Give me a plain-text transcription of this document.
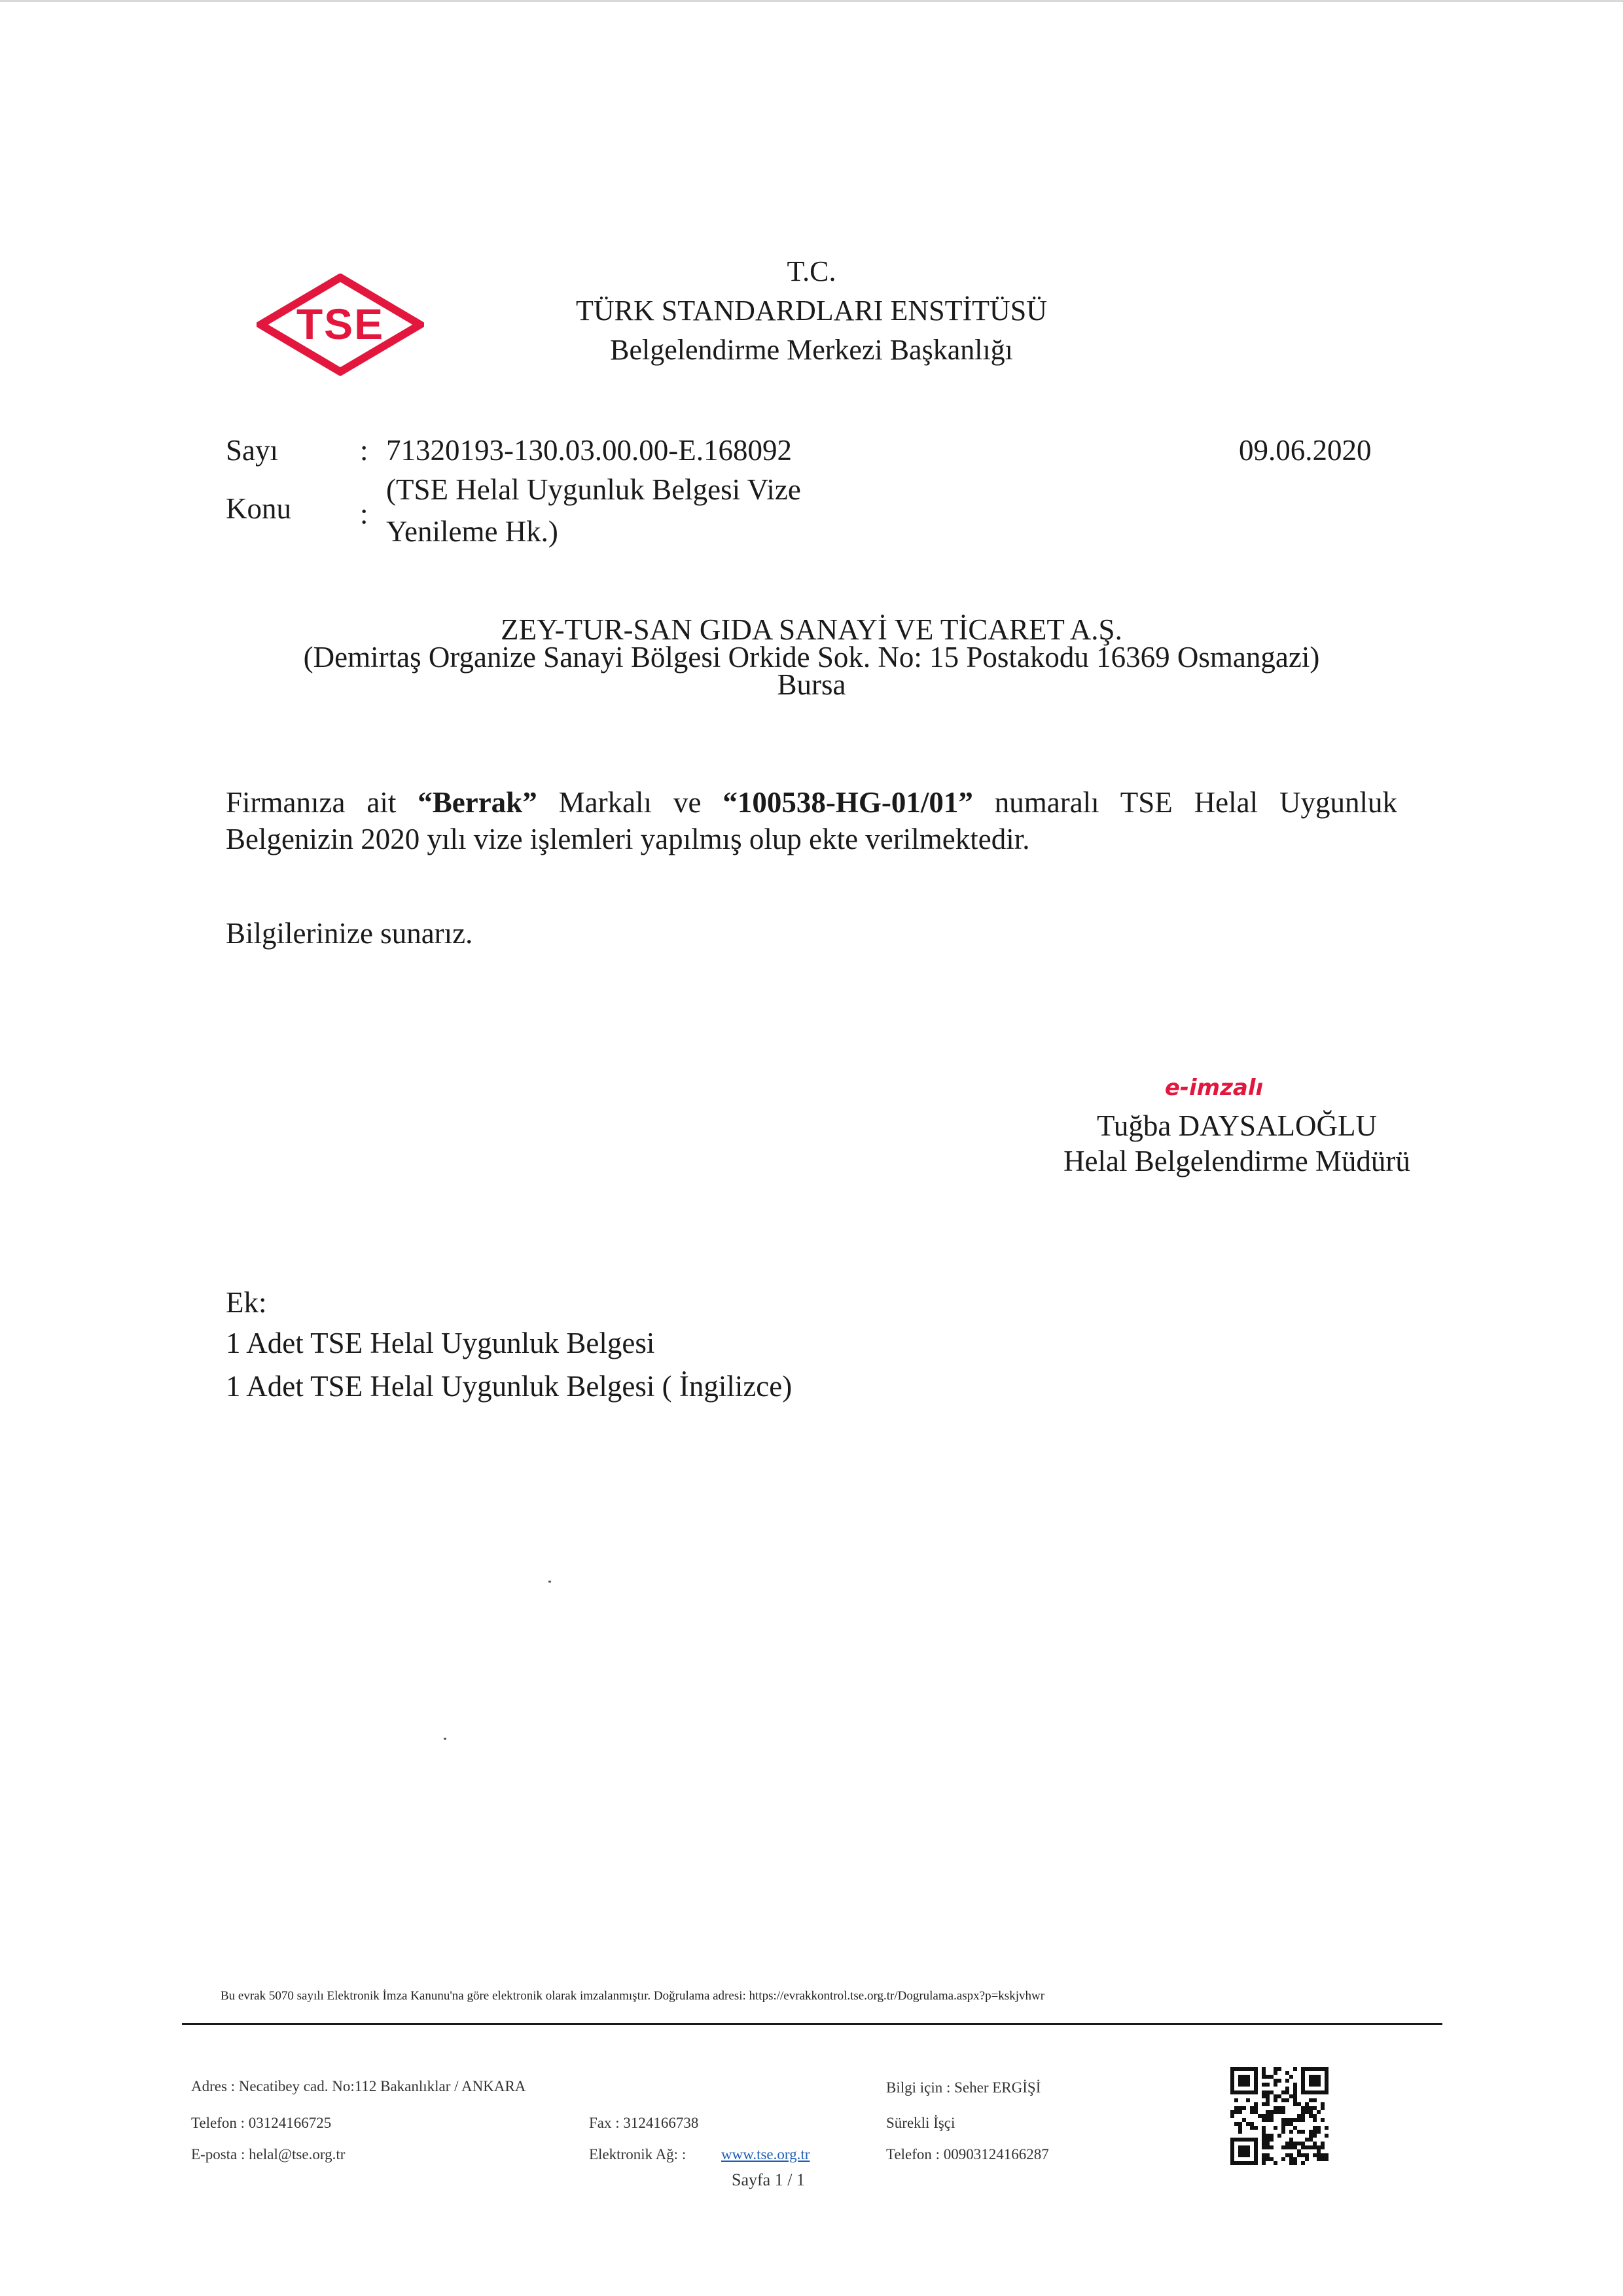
TSE
T.C.
TÜRK STANDARDLARI ENSTİTÜSÜ
Belgelendirme Merkezi Başkanlığı
Sayı	: 71320193-130.03.00.00-E.168092	09.06.2020
Konu :
(TSE Helal Uygunluk Belgesi Vize Yenileme Hk.)
ZEY-TUR-SAN GIDA SANAYİ VE TİCARET A.Ş.
(Demirtaş Organize Sanayi Bölgesi Orkide Sok. No: 15 Postakodu 16369 Osmangazi)
Bursa
Firmanıza ait “Berrak” Markalı ve “100538-HG-01/01” numaralı TSE Helal Uygunluk Belgenizin 2020 yılı vize işlemleri yapılmış olup ekte verilmektedir.
Bilgilerinize sunarız.
e-imzalı
Tuğba DAYSALOĞLU
Helal Belgelendirme Müdürü
Ek:
1 Adet TSE Helal Uygunluk Belgesi
1 Adet TSE Helal Uygunluk Belgesi ( İngilizce)
Bu evrak 5070 sayılı Elektronik İmza Kanunu'na göre elektronik olarak imzalanmıştır. Doğrulama adresi: https://evrakkontrol.tse.org.tr/Dogrulama.aspx?p=kskjvhwr
Adres : Necatibey cad. No:112 Bakanlıklar / ANKARA
Telefon : 03124166725
E-posta : helal@tse.org.tr
Fax : 3124166738
Elektronik Ağ: : www.tse.org.tr
Sayfa 1 / 1
Bilgi için : Seher ERGİŞİ
Sürekli İşçi
Telefon : 00903124166287
